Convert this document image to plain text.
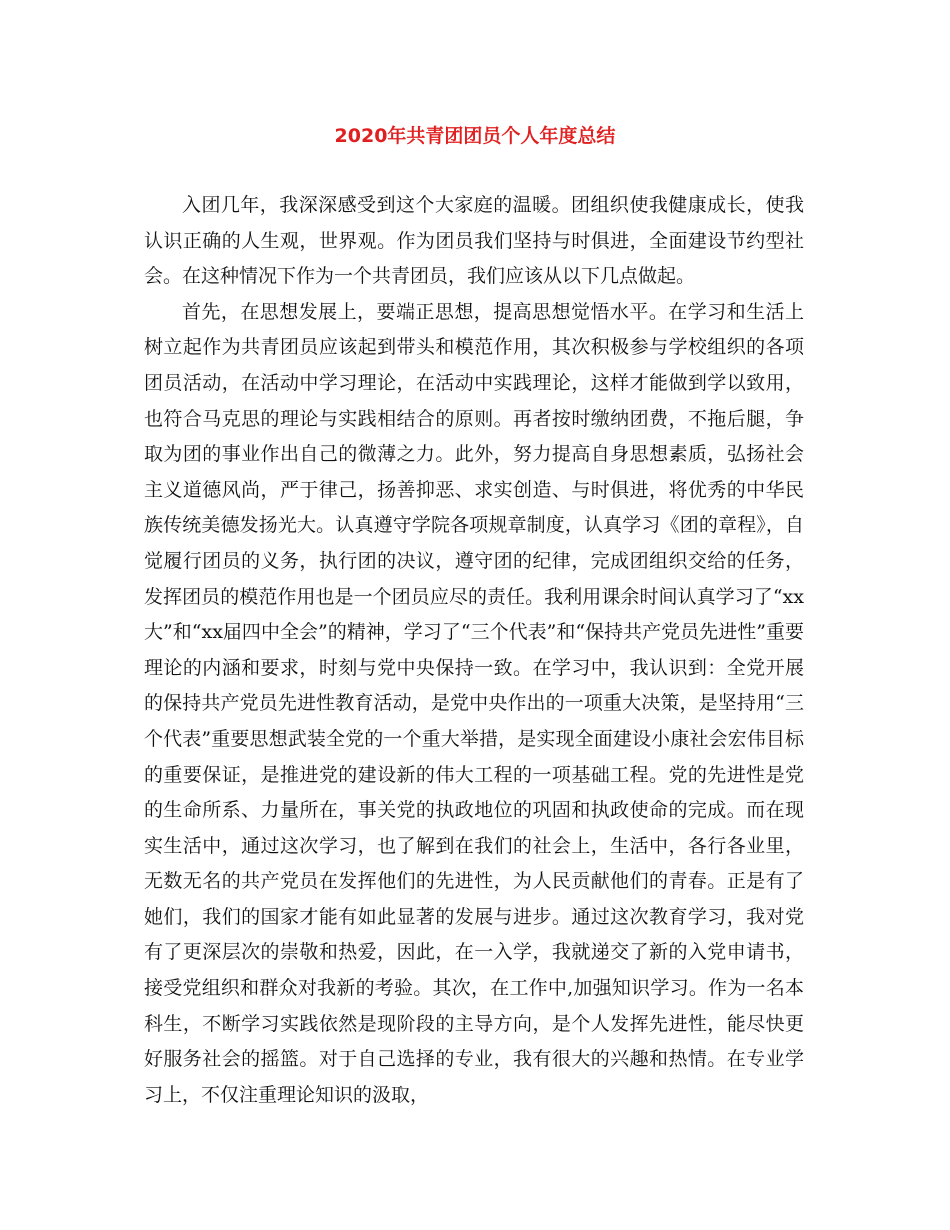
2020年共青团团员个人年度总结

入团几年，我深深感受到这个大家庭的温暖。团组织使我健康成长，使我认识正确的人生观，世界观。作为团员我们坚持与时俱进，全面建设节约型社会。在这种情况下作为一个共青团员，我们应该从以下几点做起。

首先，在思想发展上，要端正思想，提高思想觉悟水平。在学习和生活上树立起作为共青团员应该起到带头和模范作用，其次积极参与学校组织的各项团员活动，在活动中学习理论，在活动中实践理论，这样才能做到学以致用，也符合马克思的理论与实践相结合的原则。再者按时缴纳团费，不拖后腿，争取为团的事业作出自己的微薄之力。此外，努力提高自身思想素质，弘扬社会主义道德风尚，严于律己，扬善抑恶、求实创造、与时俱进，将优秀的中华民族传统美德发扬光大。认真遵守学院各项规章制度，认真学习《团的章程》，自觉履行团员的义务，执行团的决议，遵守团的纪律，完成团组织交给的任务，发挥团员的模范作用也是一个团员应尽的责任。我利用课余时间认真学习了“xx大”和“xx届四中全会”的精神，学习了“三个代表”和“保持共产党员先进性”重要理论的内涵和要求，时刻与党中央保持一致。在学习中，我认识到：全党开展的保持共产党员先进性教育活动，是党中央作出的一项重大决策，是坚持用“三个代表”重要思想武装全党的一个重大举措，是实现全面建设小康社会宏伟目标的重要保证，是推进党的建设新的伟大工程的一项基础工程。党的先进性是党的生命所系、力量所在，事关党的执政地位的巩固和执政使命的完成。而在现实生活中，通过这次学习，也了解到在我们的社会上，生活中，各行各业里，无数无名的共产党员在发挥他们的先进性，为人民贡献他们的青春。正是有了她们，我们的国家才能有如此显著的发展与进步。通过这次教育学习，我对党有了更深层次的崇敬和热爱，因此，在一入学，我就递交了新的入党申请书，接受党组织和群众对我新的考验。其次，在工作中,加强知识学习。作为一名本科生，不断学习实践依然是现阶段的主导方向，是个人发挥先进性，能尽快更好服务社会的摇篮。对于自己选择的专业，我有很大的兴趣和热情。在专业学习上，不仅注重理论知识的汲取，
